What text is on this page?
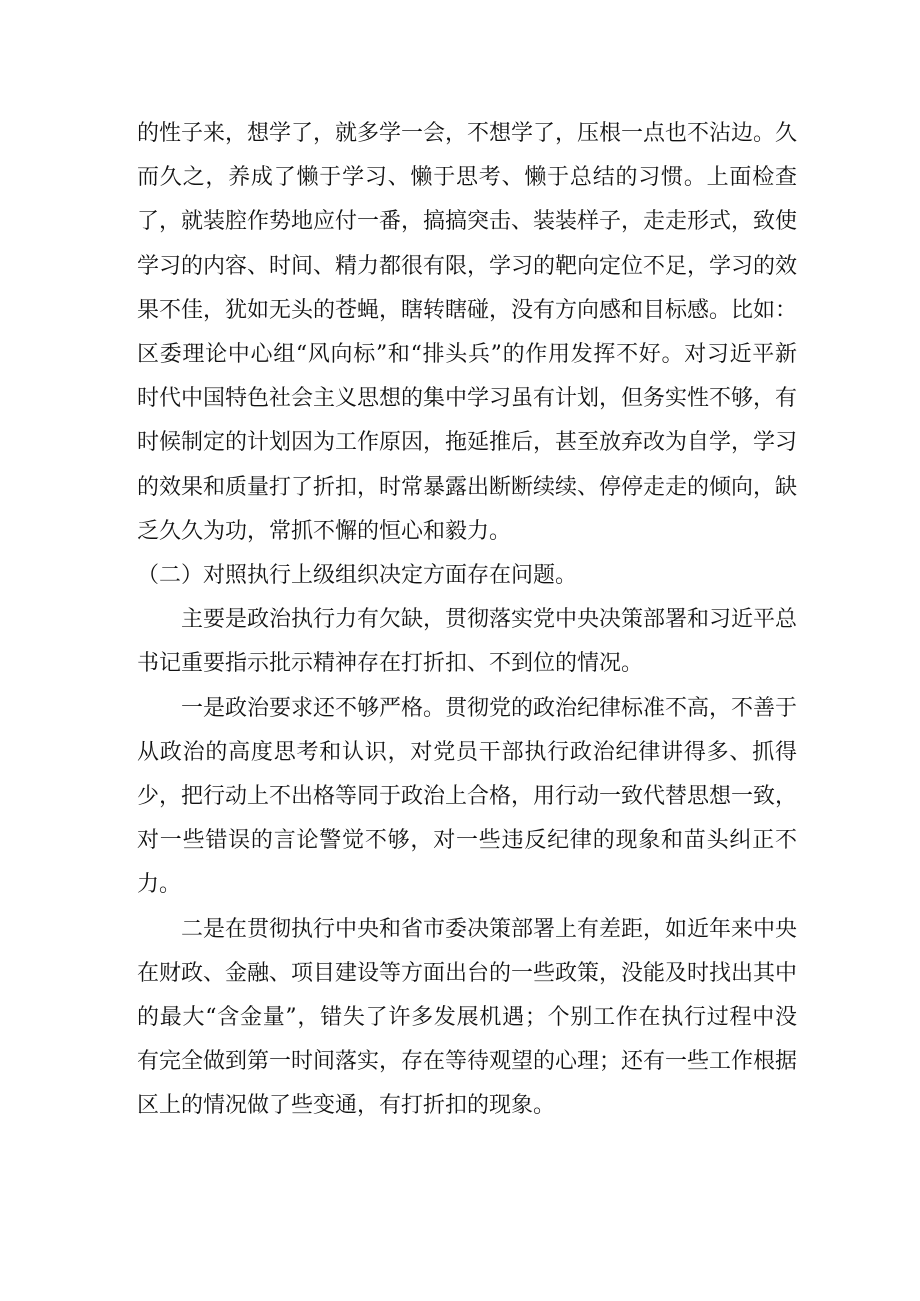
的性子来，想学了，就多学一会，不想学了，压根一点也不沾边。久而久之，养成了懒于学习、懒于思考、懒于总结的习惯。上面检查了，就装腔作势地应付一番，搞搞突击、装装样子，走走形式，致使学习的内容、时间、精力都很有限，学习的靶向定位不足，学习的效果不佳，犹如无头的苍蝇，瞎转瞎碰，没有方向感和目标感。比如：区委理论中心组“风向标”和“排头兵”的作用发挥不好。对习近平新时代中国特色社会主义思想的集中学习虽有计划，但务实性不够，有时候制定的计划因为工作原因，拖延推后，甚至放弃改为自学，学习的效果和质量打了折扣，时常暴露出断断续续、停停走走的倾向，缺乏久久为功，常抓不懈的恒心和毅力。

（二）对照执行上级组织决定方面存在问题。

主要是政治执行力有欠缺，贯彻落实党中央决策部署和习近平总书记重要指示批示精神存在打折扣、不到位的情况。

一是政治要求还不够严格。贯彻党的政治纪律标准不高，不善于从政治的高度思考和认识，对党员干部执行政治纪律讲得多、抓得少，把行动上不出格等同于政治上合格，用行动一致代替思想一致，对一些错误的言论警觉不够，对一些违反纪律的现象和苗头纠正不力。

二是在贯彻执行中央和省市委决策部署上有差距，如近年来中央在财政、金融、项目建设等方面出台的一些政策，没能及时找出其中的最大“含金量”，错失了许多发展机遇；个别工作在执行过程中没有完全做到第一时间落实，存在等待观望的心理；还有一些工作根据区上的情况做了些变通，有打折扣的现象。
